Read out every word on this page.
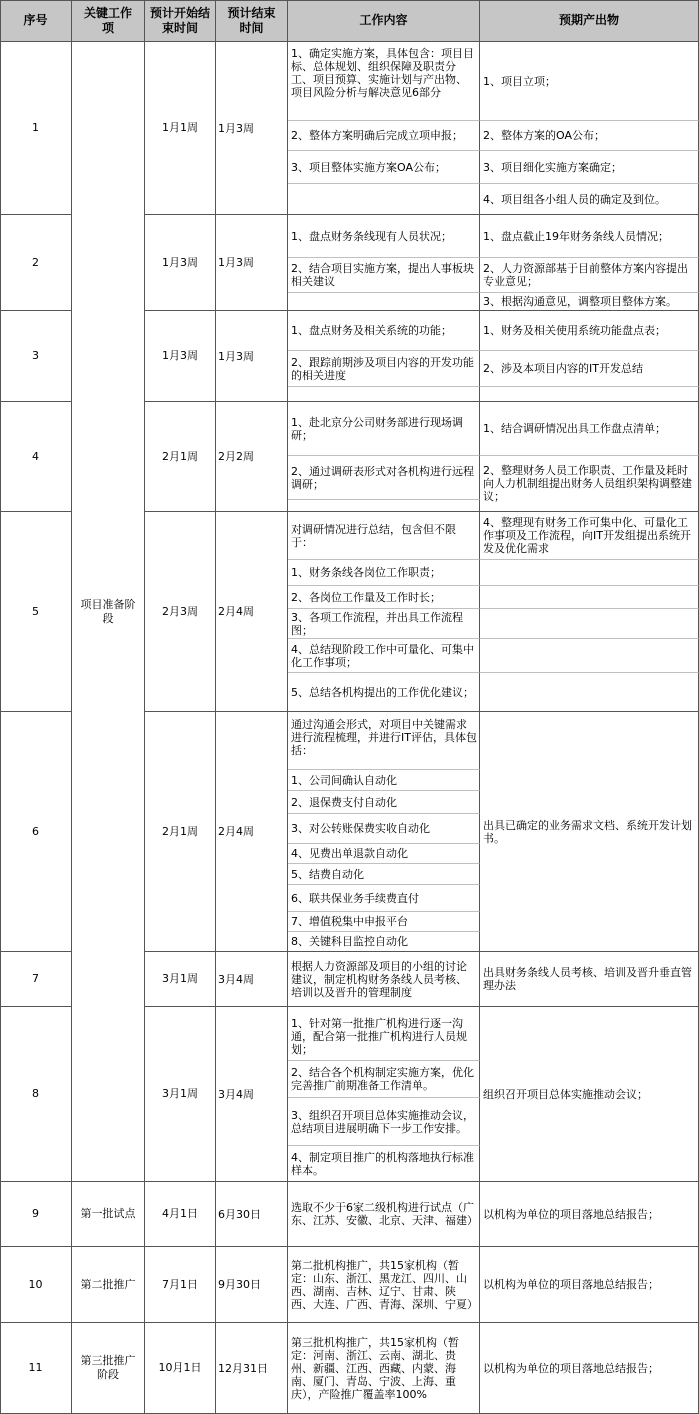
序号
关键工作项
预计开始结束时间
预计结束时间
工作内容	预期产出物
1
2
3
4
5
6
7
8
9
10
11
项目准备阶段
第一批试点
第二批推广
第三批推广阶段
1月1周
1月3周
1月3周
2月1周
2月3周
2月1周
3月1周
3月1周
4月1日
7月1日
10月1日
1月3周
1月3周
1月3周
2月2周
2月4周
2月4周
3月4周
3月4周
6月30日
9月30日
12月31日
1、确定实施方案，具体包含：项目目标、总体规划、组织保障及职责分工、项目预算、实施计划与产出物、项目风险分析与解决意见6部分
2、整体方案明确后完成立项申报；
3、项目整体实施方案OA公布；
1、盘点财务条线现有人员状况；
2、结合项目实施方案，提出人事板块相关建议
1、盘点财务及相关系统的功能；
2、跟踪前期涉及项目内容的开发功能的相关进度
1、赴北京分公司财务部进行现场调研；
2、通过调研表形式对各机构进行远程调研；
对调研情况进行总结，包含但不限于：
1、财务条线各岗位工作职责；
2、各岗位工作量及工作时长；
3、各项工作流程，并出具工作流程图；
4、总结现阶段工作中可量化、可集中化工作事项；
5、总结各机构提出的工作优化建议；
通过沟通会形式，对项目中关键需求进行流程梳理，并进行IT评估，具体包括：
1、公司间确认自动化
2、退保费支付自动化
3、对公转账保费实收自动化
4、见费出单退款自动化
5、结费自动化
6、联共保业务手续费直付
7、增值税集中申报平台
8、关键科目监控自动化
根据人力资源部及项目的小组的讨论建议，制定机构财务条线人员考核、培训以及晋升的管理制度
1、针对第一批推广机构进行逐一沟通，配合第一批推广机构进行人员规划；
2、结合各个机构制定实施方案，优化完善推广前期准备工作清单。
3、组织召开项目总体实施推动会议，总结项目进展明确下一步工作安排。
4、制定项目推广的机构落地执行标准样本。
选取不少于6家二级机构进行试点（广东、江苏、安徽、北京、天津、福建）
第二批机构推广，共15家机构（暂定：山东、浙江、黑龙江、四川、山西、湖南、吉林、辽宁、甘肃、陕西、大连、广西、青海、深圳、宁夏）
第三批机构推广，共15家机构（暂定：河南、浙江、云南、湖北、贵州、新疆、江西、西藏、内蒙、海南、厦门、青岛、宁波、上海、重庆），产险推广覆盖率100%
1、项目立项；
2、整体方案的OA公布；
3、项目细化实施方案确定；
4、项目组各小组人员的确定及到位。
1、盘点截止19年财务条线人员情况；
2、人力资源部基于目前整体方案内容提出专业意见；
3、根据沟通意见，调整项目整体方案。
1、财务及相关使用系统功能盘点表；
2、涉及本项目内容的IT开发总结
1、结合调研情况出具工作盘点清单；
2、整理财务人员工作职责、工作量及耗时向人力机制组提出财务人员组织架构调整建议；
4、整理现有财务工作可集中化、可量化工作事项及工作流程，向IT开发组提出系统开发及优化需求
出具已确定的业务需求文档、系统开发计划书。
出具财务条线人员考核、培训及晋升垂直管理办法
组织召开项目总体实施推动会议；
以机构为单位的项目落地总结报告；
以机构为单位的项目落地总结报告；
以机构为单位的项目落地总结报告；
